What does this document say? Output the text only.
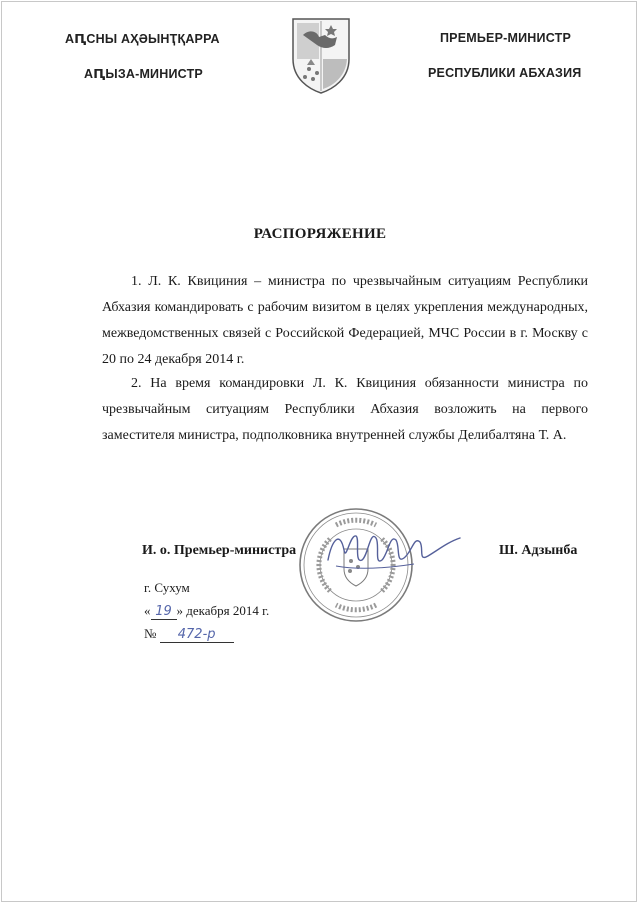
АԤСНЫ АҲӘЫНҬҚАРРА
АԤЫЗА-МИНИСТР
ПРЕМЬЕР-МИНИСТР
РЕСПУБЛИКИ АБХАЗИЯ
РАСПОРЯЖЕНИЕ

1. Л. К. Квициния – министра по чрезвычайным ситуациям Республики Абхазия командировать с рабочим визитом в целях укрепления международных, межведомственных связей с Российской Федерацией, МЧС России в г. Москву с 20 по 24 декабря 2014 г.

2. На время командировки Л. К. Квициния обязанности министра по чрезвычайным ситуациям Республики Абхазия возложить на первого заместителя министра, подполковника внутренней службы Делибалтяна Т. А.

И. о. Премьер-министра	Ш. Адзынба
г. Сухум
« 19 » декабря 2014 г.
№ 472-р
